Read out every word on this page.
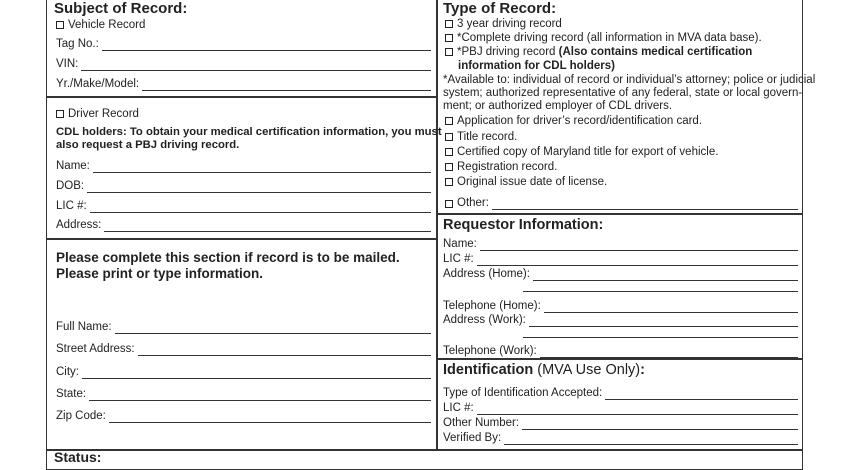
Subject of Record:
Vehicle Record
Tag No.:
VIN:
Yr./Make/Model:
Driver Record
CDL holders: To obtain your medical certification information, you must
also request a PBJ driving record.
Name:
DOB:
LIC #:
Address:
Please complete this section if record is to be mailed.
Please print or type information.
Full Name:
Street Address:
City:
State:
Zip Code:
Type of Record:
3 year driving record
*Complete driving record (all information in MVA data base).
*PBJ driving record (Also contains medical certification
information for CDL holders)
*Available to: individual of record or individual’s attorney; police or judicial
system; authorized representative of any federal, state or local govern-
ment; or authorized employer of CDL drivers.
Application for driver’s record/identification card.
Title record.
Certified copy of Maryland title for export of vehicle.
Registration record.
Original issue date of license.
Other:
Requestor Information:
Name:
LIC #:
Address (Home):
Telephone (Home):
Address (Work):
Telephone (Work):
Identification (MVA Use Only):
Type of Identification Accepted:
LIC #:
Other Number:
Verified By:
Status:
